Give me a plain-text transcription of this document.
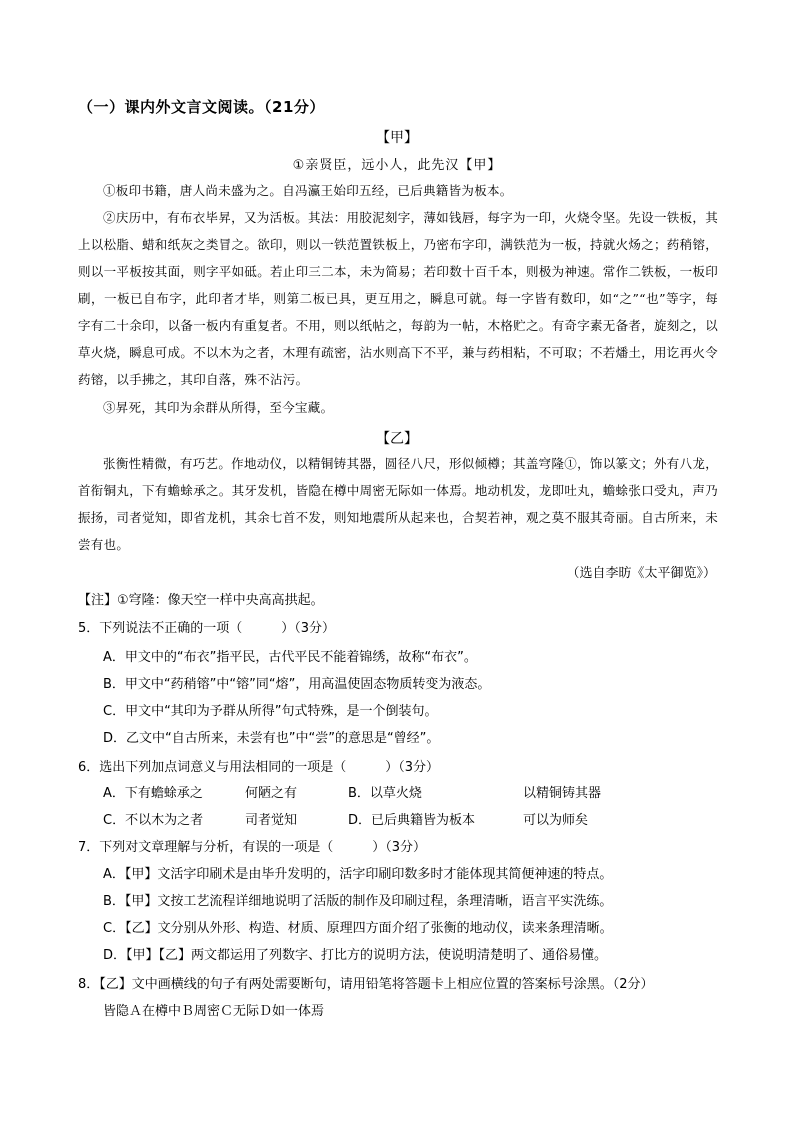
（一）课内外文言文阅读。（21分）
【甲】
①亲贤臣，远小人，此先汉【甲】
①板印书籍，唐人尚未盛为之。自冯瀛王始印五经，已后典籍皆为板本。
②庆历中，有布衣毕昇，又为活板。其法：用胶泥刻字，薄如钱唇，每字为一印，火烧令坚。先设一铁板，其上以松脂、蜡和纸灰之类冒之。欲印，则以一铁范置铁板上，乃密布字印，满铁范为一板，持就火炀之；药稍镕，则以一平板按其面，则字平如砥。若止印三二本，未为简易；若印数十百千本，则极为神速。常作二铁板，一板印刷，一板已自布字，此印者才毕，则第二板已具，更互用之，瞬息可就。每一字皆有数印，如“之”“也”等字，每字有二十余印，以备一板内有重复者。不用，则以纸帖之，每韵为一帖，木格贮之。有奇字素无备者，旋刻之，以草火烧，瞬息可成。不以木为之者，木理有疏密，沾水则高下不平，兼与药相粘，不可取；不若燔土，用讫再火令药镕，以手拂之，其印自落，殊不沾污。
③昇死，其印为余群从所得，至今宝藏。
【乙】
张衡性精微，有巧艺。作地动仪，以精铜铸其器，圆径八尺，形似倾樽；其盖穹隆①，饰以篆文；外有八龙，首衔铜丸，下有蟾蜍承之。其牙发机，皆隐在樽中周密无际如一体焉。地动机发，龙即吐丸，蟾蜍张口受丸，声乃振扬，司者觉知，即省龙机，其余七首不发，则知地震所从起来也，合契若神，观之莫不服其奇丽。自古所来，未尝有也。
（选自李昉《太平御览》）
【注】①穹隆：像天空一样中央高高拱起。
5．下列说法不正确的一项（　　　）（3分）
A．甲文中的“布衣”指平民，古代平民不能着锦绣，故称“布衣”。
B．甲文中“药稍镕”中“镕”同“熔”，用高温使固态物质转变为液态。
C．甲文中“其印为予群从所得”句式特殊，是一个倒装句。
D．乙文中“自古所来，未尝有也”中“尝”的意思是“曾经”。
6．选出下列加点词意义与用法相同的一项是（　　　）（3分）
A．下有蟾蜍承之	何陋之有	B．以草火烧	以精铜铸其器
C．不以木为之者	司者觉知	D．已后典籍皆为板本	可以为师矣
7．下列对文章理解与分析，有误的一项是（　　　）（3分）
A．【甲】文活字印刷术是由毕升发明的，活字印刷印数多时才能体现其简便神速的特点。
B．【甲】文按工艺流程详细地说明了活版的制作及印刷过程，条理清晰，语言平实洗练。
C．【乙】文分别从外形、构造、材质、原理四方面介绍了张衡的地动仪，读来条理清晰。
D．【甲】【乙】两文都运用了列数字、打比方的说明方法，使说明清楚明了、通俗易懂。
8．【乙】文中画横线的句子有两处需要断句，请用铅笔将答题卡上相应位置的答案标号涂黑。（2分）
皆隐Ａ在樽中Ｂ周密Ｃ无际Ｄ如一体焉
